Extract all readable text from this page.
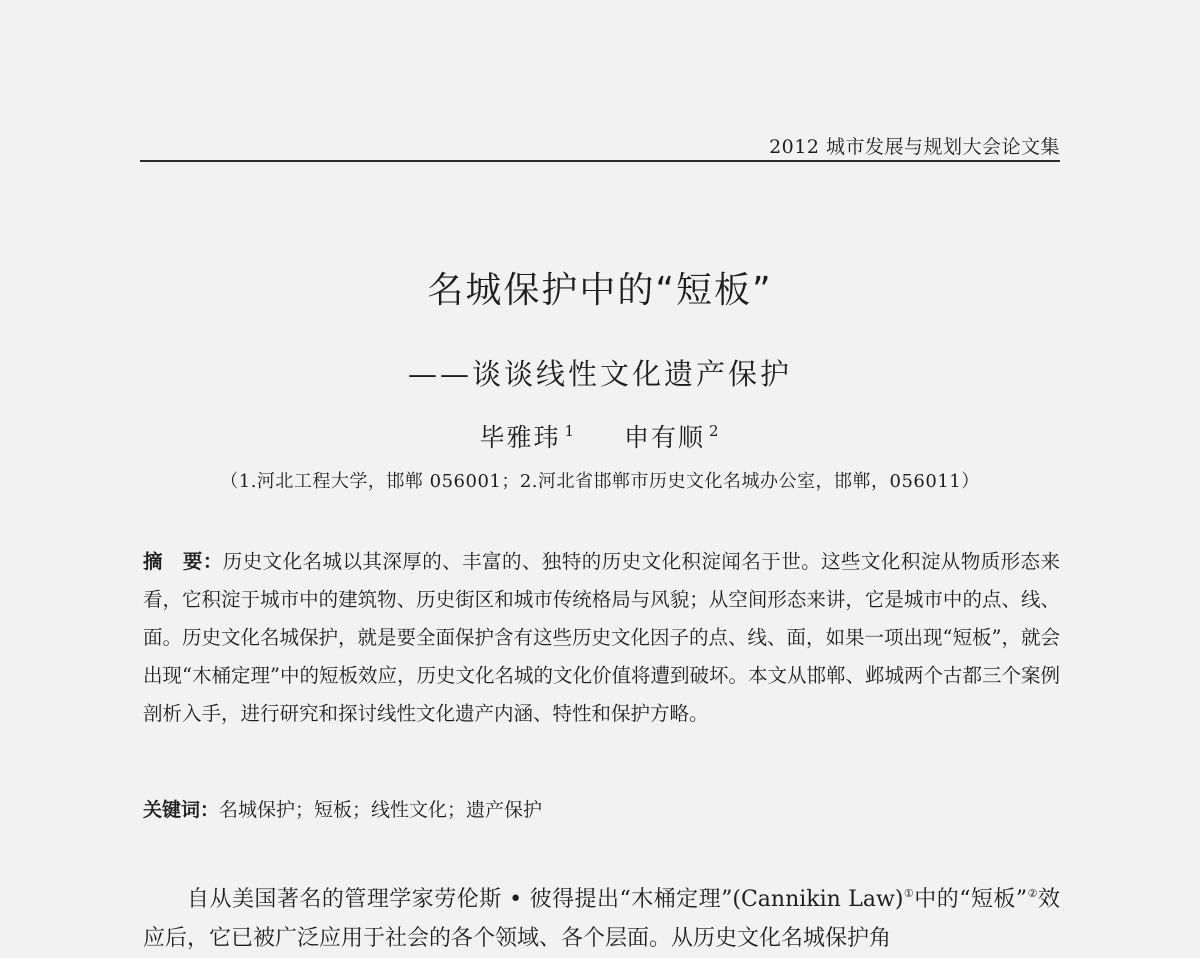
2012 城市发展与规划大会论文集
名城保护中的“短板”
——谈谈线性文化遗产保护
毕雅玮 $^1$ 申有顺 $^2$
（1.河北工程大学，邯郸 056001；2.河北省邯郸市历史文化名城办公室，邯郸，056011）
摘　要：历史文化名城以其深厚的、丰富的、独特的历史文化积淀闻名于世。这些文化积淀从物质形态来看，它积淀于城市中的建筑物、历史街区和城市传统格局与风貌；从空间形态来讲，它是城市中的点、线、面。历史文化名城保护，就是要全面保护含有这些历史文化因子的点、线、面，如果一项出现“短板”，就会出现“木桶定理”中的短板效应，历史文化名城的文化价值将遭到破坏。本文从邯郸、邺城两个古都三个案例剖析入手，进行研究和探讨线性文化遗产内涵、特性和保护方略。
关键词：名城保护；短板；线性文化；遗产保护
自从美国著名的管理学家劳伦斯 • 彼得提出“木桶定理”(Cannikin Law)①中的“短板”②效应后，它已被广泛应用于社会的各个领域、各个层面。从历史文化名城保护角
